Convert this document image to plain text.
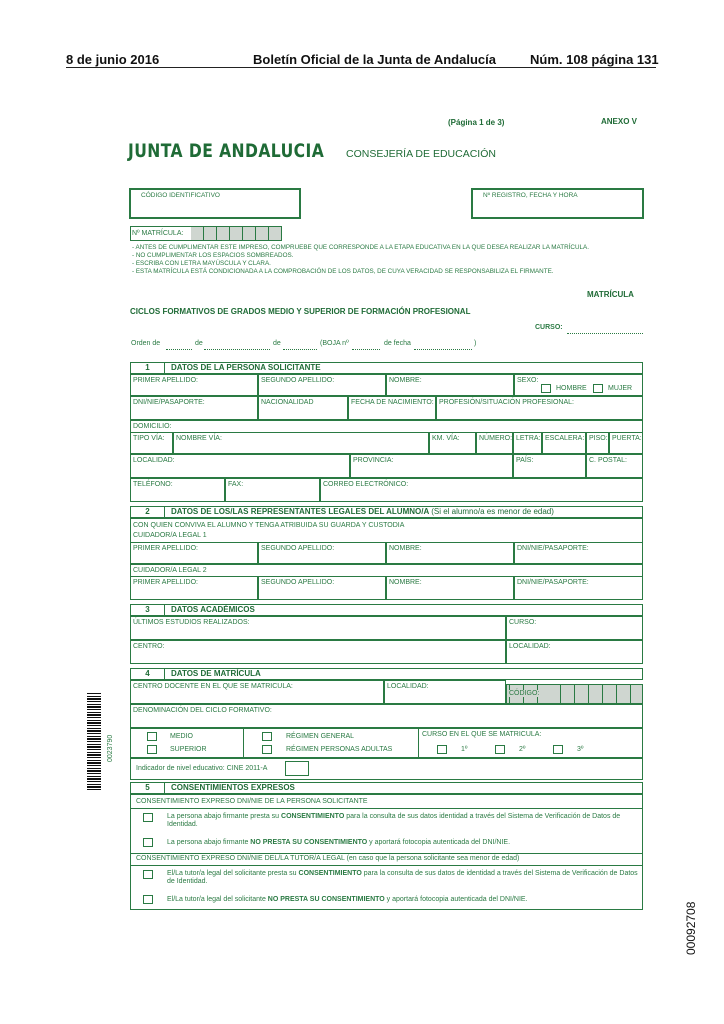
8 de junio 2016	Boletín Oficial de la Junta de Andalucía	Núm. 108 página 131
(Página 1 de 3)	ANEXO V
JUNTA DE ANDALUCIA CONSEJERÍA DE EDUCACIÓN
CÓDIGO IDENTIFICATIVO	Nº REGISTRO, FECHA Y HORA
Nº MATRÍCULA:
- ANTES DE CUMPLIMENTAR ESTE IMPRESO, COMPRUEBE QUE CORRESPONDE A LA ETAPA EDUCATIVA EN LA QUE DESEA REALIZAR LA MATRÍCULA.
- NO CUMPLIMENTAR LOS ESPACIOS SOMBREADOS.
- ESCRIBA CON LETRA MAYÚSCULA Y CLARA.
- ESTA MATRÍCULA ESTÁ CONDICIONADA A LA COMPROBACIÓN DE LOS DATOS, DE CUYA VERACIDAD SE RESPONSABILIZA EL FIRMANTE.
MATRÍCULA
CICLOS FORMATIVOS DE GRADOS MEDIO Y SUPERIOR DE FORMACIÓN PROFESIONAL
CURSO:
Orden de	de	de	(BOJA nº	de fecha	)
1	DATOS DE LA PERSONA SOLICITANTE
PRIMER APELLIDO:	SEGUNDO APELLIDO:	NOMBRE:	SEXO:
HOMBRE	MUJER
DNI/NIE/PASAPORTE:	NACIONALIDAD	FECHA DE NACIMIENTO: PROFESIÓN/SITUACIÓN PROFESIONAL:
DOMICILIO:
TIPO VÍA:	NOMBRE VÍA:	KM. VÍA:	NÚMERO: LETRA: ESCALERA: PISO: PUERTA:
LOCALIDAD:	PROVINCIA:	PAÍS:	C. POSTAL:
TELÉFONO:	FAX:	CORREO ELECTRÓNICO:
2	DATOS DE LOS/LAS REPRESENTANTES LEGALES DEL ALUMNO/A (Si el alumno/a es menor de edad)
CON QUIEN CONVIVA EL ALUMNO Y TENGA ATRIBUIDA SU GUARDA Y CUSTODIA
CUIDADOR/A LEGAL 1
PRIMER APELLIDO:	SEGUNDO APELLIDO:	NOMBRE:	DNI/NIE/PASAPORTE:
CUIDADOR/A LEGAL 2
PRIMER APELLIDO:	SEGUNDO APELLIDO:	NOMBRE:	DNI/NIE/PASAPORTE:
3	DATOS ACADÉMICOS
ÚLTIMOS ESTUDIOS REALIZADOS:	CURSO:
CENTRO:	LOCALIDAD:
4	DATOS DE MATRÍCULA
CENTRO DOCENTE EN EL QUE SE MATRICULA:	LOCALIDAD:
CÓDIGO:
DENOMINACIÓN DEL CICLO FORMATIVO:
MEDIO
SUPERIOR
RÉGIMEN GENERAL
RÉGIMEN PERSONAS ADULTAS
CURSO EN EL QUE SE MATRICULA:
1º	2º	3º
Indicador de nivel educativo: CINE 2011-A
5	CONSENTIMIENTOS EXPRESOS
CONSENTIMIENTO EXPRESO DNI/NIE DE LA PERSONA SOLICITANTE
La persona abajo firmante presta su CONSENTIMIENTO para la consulta de sus datos identidad a través del Sistema de Verificación de Datos de Identidad.
La persona abajo firmante NO PRESTA SU CONSENTIMIENTO y aportará fotocopia autenticada del DNI/NIE.
CONSENTIMIENTO EXPRESO DNI/NIE DEL/LA TUTOR/A LEGAL (en caso que la persona solicitante sea menor de edad)
El/La tutor/a legal del solicitante presta su CONSENTIMIENTO para la consulta de sus datos de identidad a través del Sistema de Verificación de Datos de Identidad.
El/La tutor/a legal del solicitante NO PRESTA SU CONSENTIMIENTO y aportará fotocopia autenticada del DNI/NIE.
0023790
00092708
